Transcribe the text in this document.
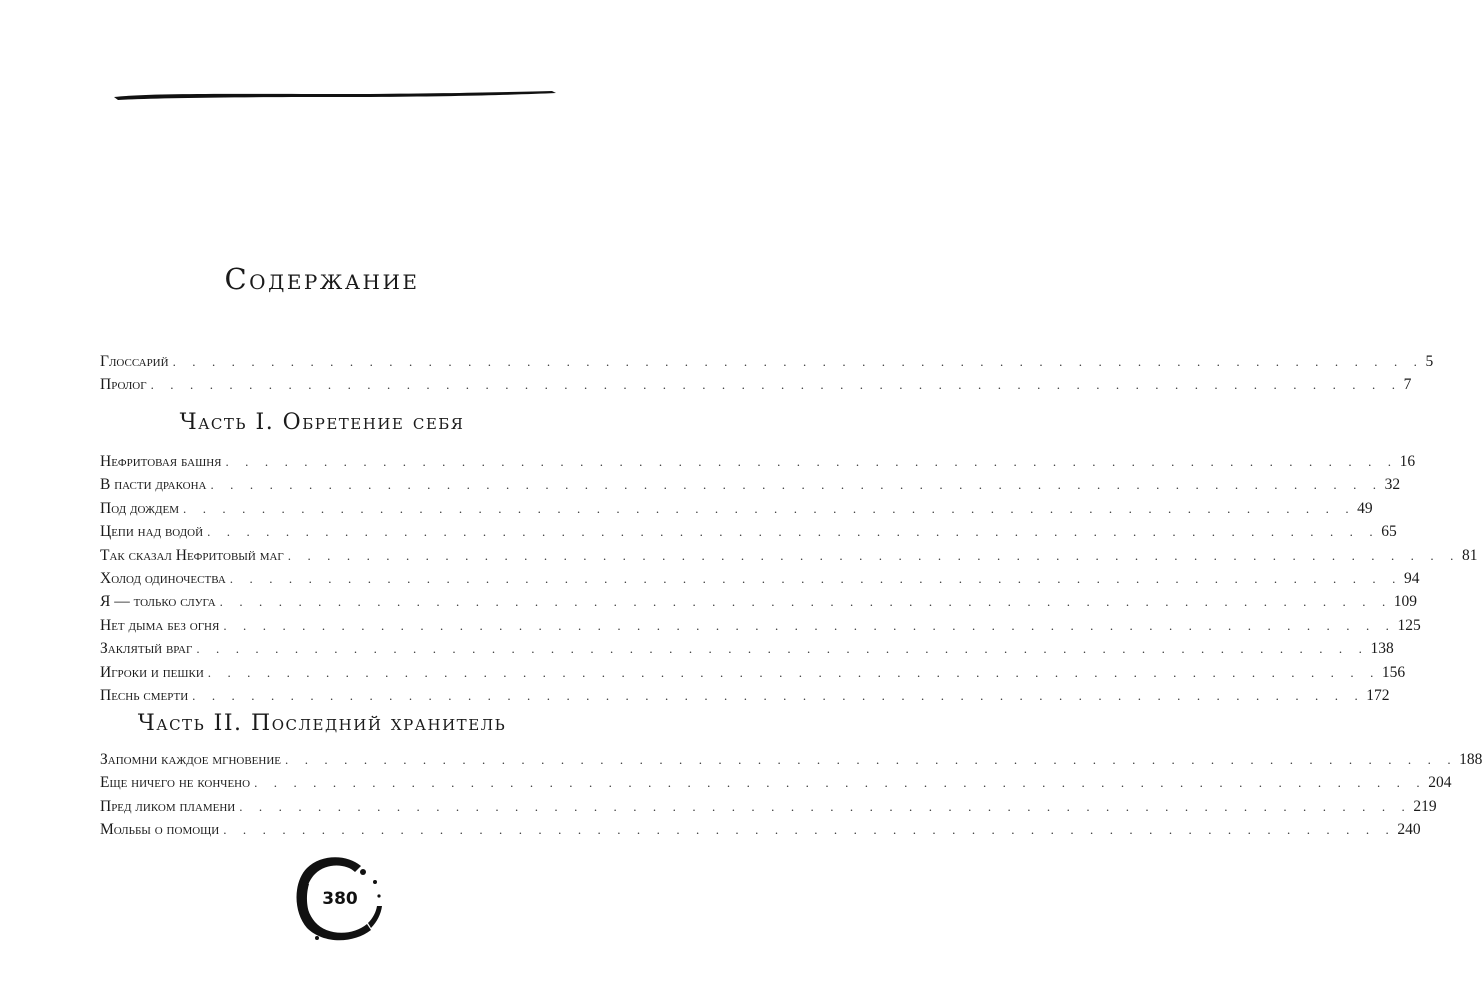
Содержание
Глоссарий . . . . . . . . . . . . . . . . . . . . . . . . . . . . . . . . . . . . . . . . . . . . . . . . . . . . . . . . . . . . . . . . 5
Пролог . . . . . . . . . . . . . . . . . . . . . . . . . . . . . . . . . . . . . . . . . . . . . . . . . . . . . . . . . . . . . . . . 7
Часть I. Обретение себя
Нефритовая башня . . . . . . . . . . . . . . . . . . . . . . . . . . . . . . . . . . . . . . . . . . . . . . . . . . . . . . . . . . . . 16
В пасти дракона . . . . . . . . . . . . . . . . . . . . . . . . . . . . . . . . . . . . . . . . . . . . . . . . . . . . . . . . . . . . 32
Под дождем . . . . . . . . . . . . . . . . . . . . . . . . . . . . . . . . . . . . . . . . . . . . . . . . . . . . . . . . . . . . 49
Цепи над водой . . . . . . . . . . . . . . . . . . . . . . . . . . . . . . . . . . . . . . . . . . . . . . . . . . . . . . . . . . . . 65
Так сказал Нефритовый маг . . . . . . . . . . . . . . . . . . . . . . . . . . . . . . . . . . . . . . . . . . . . . . . . . . . . . . . . . . . . 81
Холод одиночества . . . . . . . . . . . . . . . . . . . . . . . . . . . . . . . . . . . . . . . . . . . . . . . . . . . . . . . . . . . . 94
Я — только слуга . . . . . . . . . . . . . . . . . . . . . . . . . . . . . . . . . . . . . . . . . . . . . . . . . . . . . . . . . . . . 109
Нет дыма без огня . . . . . . . . . . . . . . . . . . . . . . . . . . . . . . . . . . . . . . . . . . . . . . . . . . . . . . . . . . . . 125
Заклятый враг . . . . . . . . . . . . . . . . . . . . . . . . . . . . . . . . . . . . . . . . . . . . . . . . . . . . . . . . . . . . 138
Игроки и пешки . . . . . . . . . . . . . . . . . . . . . . . . . . . . . . . . . . . . . . . . . . . . . . . . . . . . . . . . . . . . 156
Песнь смерти . . . . . . . . . . . . . . . . . . . . . . . . . . . . . . . . . . . . . . . . . . . . . . . . . . . . . . . . . . . . 172
Часть II. Последний хранитель
Запомни каждое мгновение . . . . . . . . . . . . . . . . . . . . . . . . . . . . . . . . . . . . . . . . . . . . . . . . . . . . . . . . . . . . 188
Еще ничего не кончено . . . . . . . . . . . . . . . . . . . . . . . . . . . . . . . . . . . . . . . . . . . . . . . . . . . . . . . . . . . . 204
Пред ликом пламени . . . . . . . . . . . . . . . . . . . . . . . . . . . . . . . . . . . . . . . . . . . . . . . . . . . . . . . . . . . . 219
Мольбы о помощи . . . . . . . . . . . . . . . . . . . . . . . . . . . . . . . . . . . . . . . . . . . . . . . . . . . . . . . . . . . . 240
380
